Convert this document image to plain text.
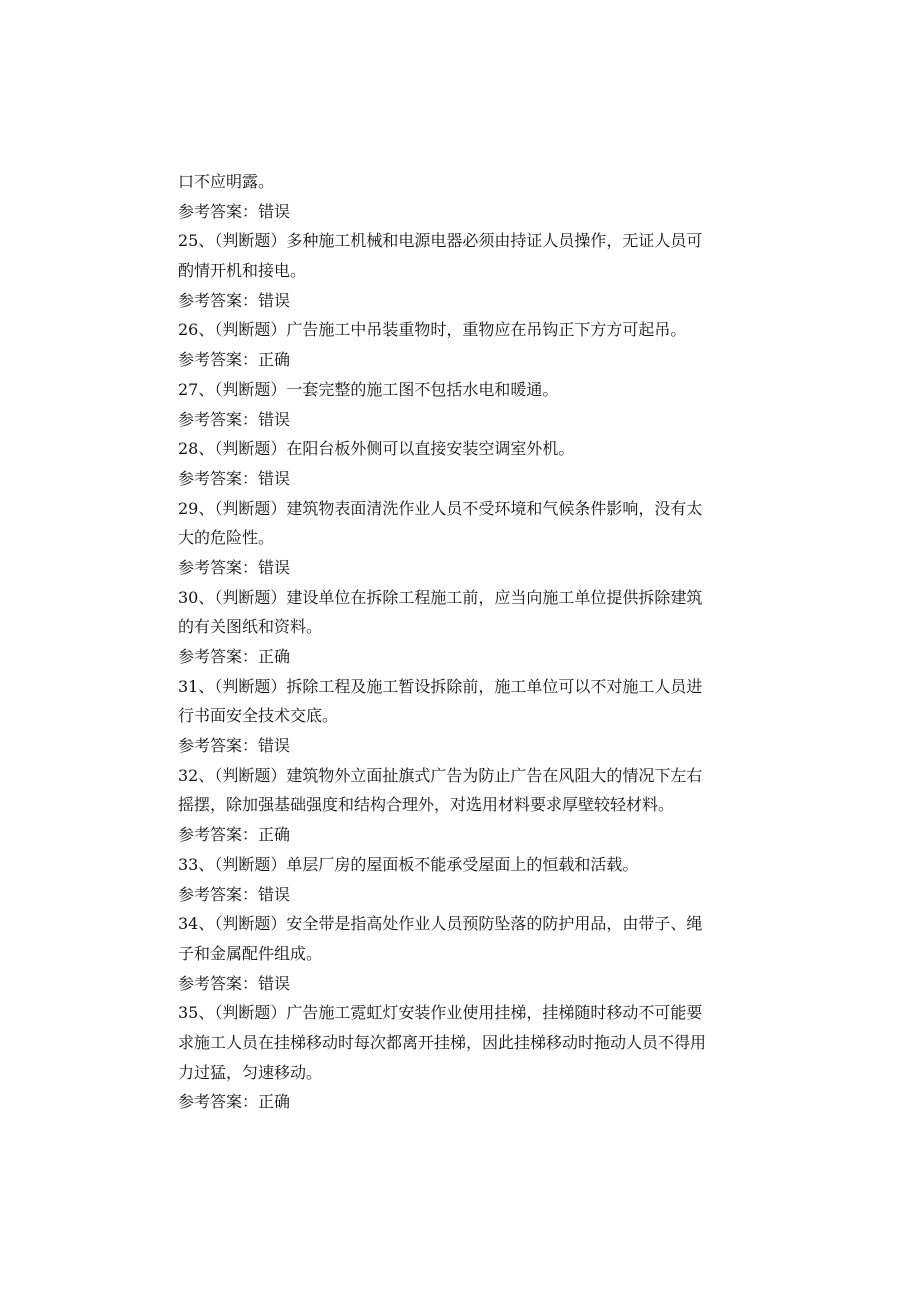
口不应明露。
参考答案：错误
25、（判断题）多种施工机械和电源电器必须由持证人员操作，无证人员可
酌情开机和接电。
参考答案：错误
26、（判断题）广告施工中吊装重物时，重物应在吊钩正下方方可起吊。
参考答案：正确
27、（判断题）一套完整的施工图不包括水电和暖通。
参考答案：错误
28、（判断题）在阳台板外侧可以直接安装空调室外机。
参考答案：错误
29、（判断题）建筑物表面清洗作业人员不受环境和气候条件影响，没有太
大的危险性。
参考答案：错误
30、（判断题）建设单位在拆除工程施工前，应当向施工单位提供拆除建筑
的有关图纸和资料。
参考答案：正确
31、（判断题）拆除工程及施工暂设拆除前，施工单位可以不对施工人员进
行书面安全技术交底。
参考答案：错误
32、（判断题）建筑物外立面扯旗式广告为防止广告在风阻大的情况下左右
摇摆，除加强基础强度和结构合理外，对选用材料要求厚壁较轻材料。
参考答案：正确
33、（判断题）单层厂房的屋面板不能承受屋面上的恒载和活载。
参考答案：错误
34、（判断题）安全带是指高处作业人员预防坠落的防护用品，由带子、绳
子和金属配件组成。
参考答案：错误
35、（判断题）广告施工霓虹灯安装作业使用挂梯，挂梯随时移动不可能要
求施工人员在挂梯移动时每次都离开挂梯，因此挂梯移动时拖动人员不得用
力过猛，匀速移动。
参考答案：正确
